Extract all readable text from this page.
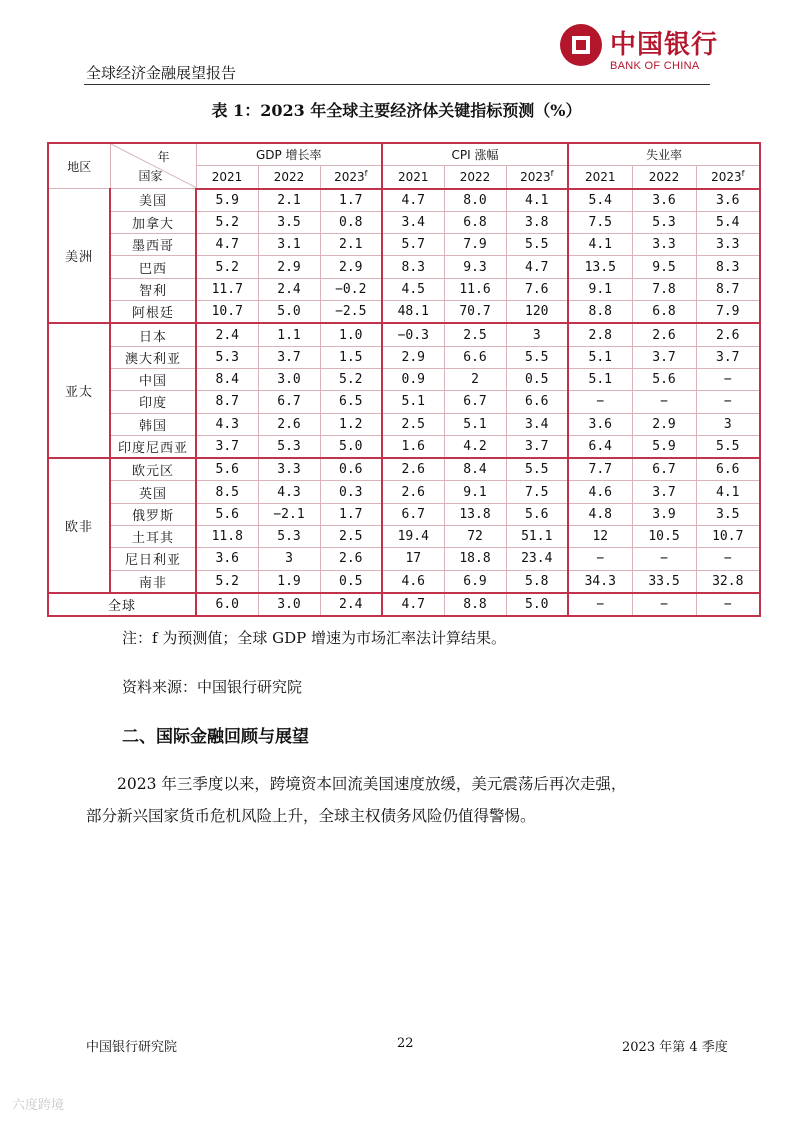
全球经济金融展望报告
中国银行
BANK OF CHINA
表 1：2023 年全球主要经济体关键指标预测（%）
地区	年
国家	GDP 增长率			CPI 涨幅			失业率		
		2021	2022	2023$^f$	2021	2022	2023$^f$	2021	2022	2023$^f$
美洲	美国	5.9	2.1	1.7	4.7	8.0	4.1	5.4	3.6	3.6
	加拿大	5.2	3.5	0.8	3.4	6.8	3.8	7.5	5.3	5.4
	墨西哥	4.7	3.1	2.1	5.7	7.9	5.5	4.1	3.3	3.3
	巴西	5.2	2.9	2.9	8.3	9.3	4.7	13.5	9.5	8.3
	智利	11.7	2.4	−0.2	4.5	11.6	7.6	9.1	7.8	8.7
	阿根廷	10.7	5.0	−2.5	48.1	70.7	120	8.8	6.8	7.9
亚太	日本	2.4	1.1	1.0	−0.3	2.5	3	2.8	2.6	2.6
	澳大利亚	5.3	3.7	1.5	2.9	6.6	5.5	5.1	3.7	3.7
	中国	8.4	3.0	5.2	0.9	2	0.5	5.1	5.6	−
	印度	8.7	6.7	6.5	5.1	6.7	6.6	−	−	−
	韩国	4.3	2.6	1.2	2.5	5.1	3.4	3.6	2.9	3
	印度尼西亚	3.7	5.3	5.0	1.6	4.2	3.7	6.4	5.9	5.5
欧非	欧元区	5.6	3.3	0.6	2.6	8.4	5.5	7.7	6.7	6.6
	英国	8.5	4.3	0.3	2.6	9.1	7.5	4.6	3.7	4.1
	俄罗斯	5.6	−2.1	1.7	6.7	13.8	5.6	4.8	3.9	3.5
	土耳其	11.8	5.3	2.5	19.4	72	51.1	12	10.5	10.7
	尼日利亚	3.6	3	2.6	17	18.8	23.4	−	−	−
	南非	5.2	1.9	0.5	4.6	6.9	5.8	34.3	33.5	32.8
全球		6.0	3.0	2.4	4.7	8.8	5.0	−	−	−
注：f 为预测值；全球 GDP 增速为市场汇率法计算结果。
资料来源：中国银行研究院
二、国际金融回顾与展望

2023 年三季度以来，跨境资本回流美国速度放缓，美元震荡后再次走强，

部分新兴国家货币危机风险上升，全球主权债务风险仍值得警惕。

中国银行研究院	22	2023 年第 4 季度
六度跨境
